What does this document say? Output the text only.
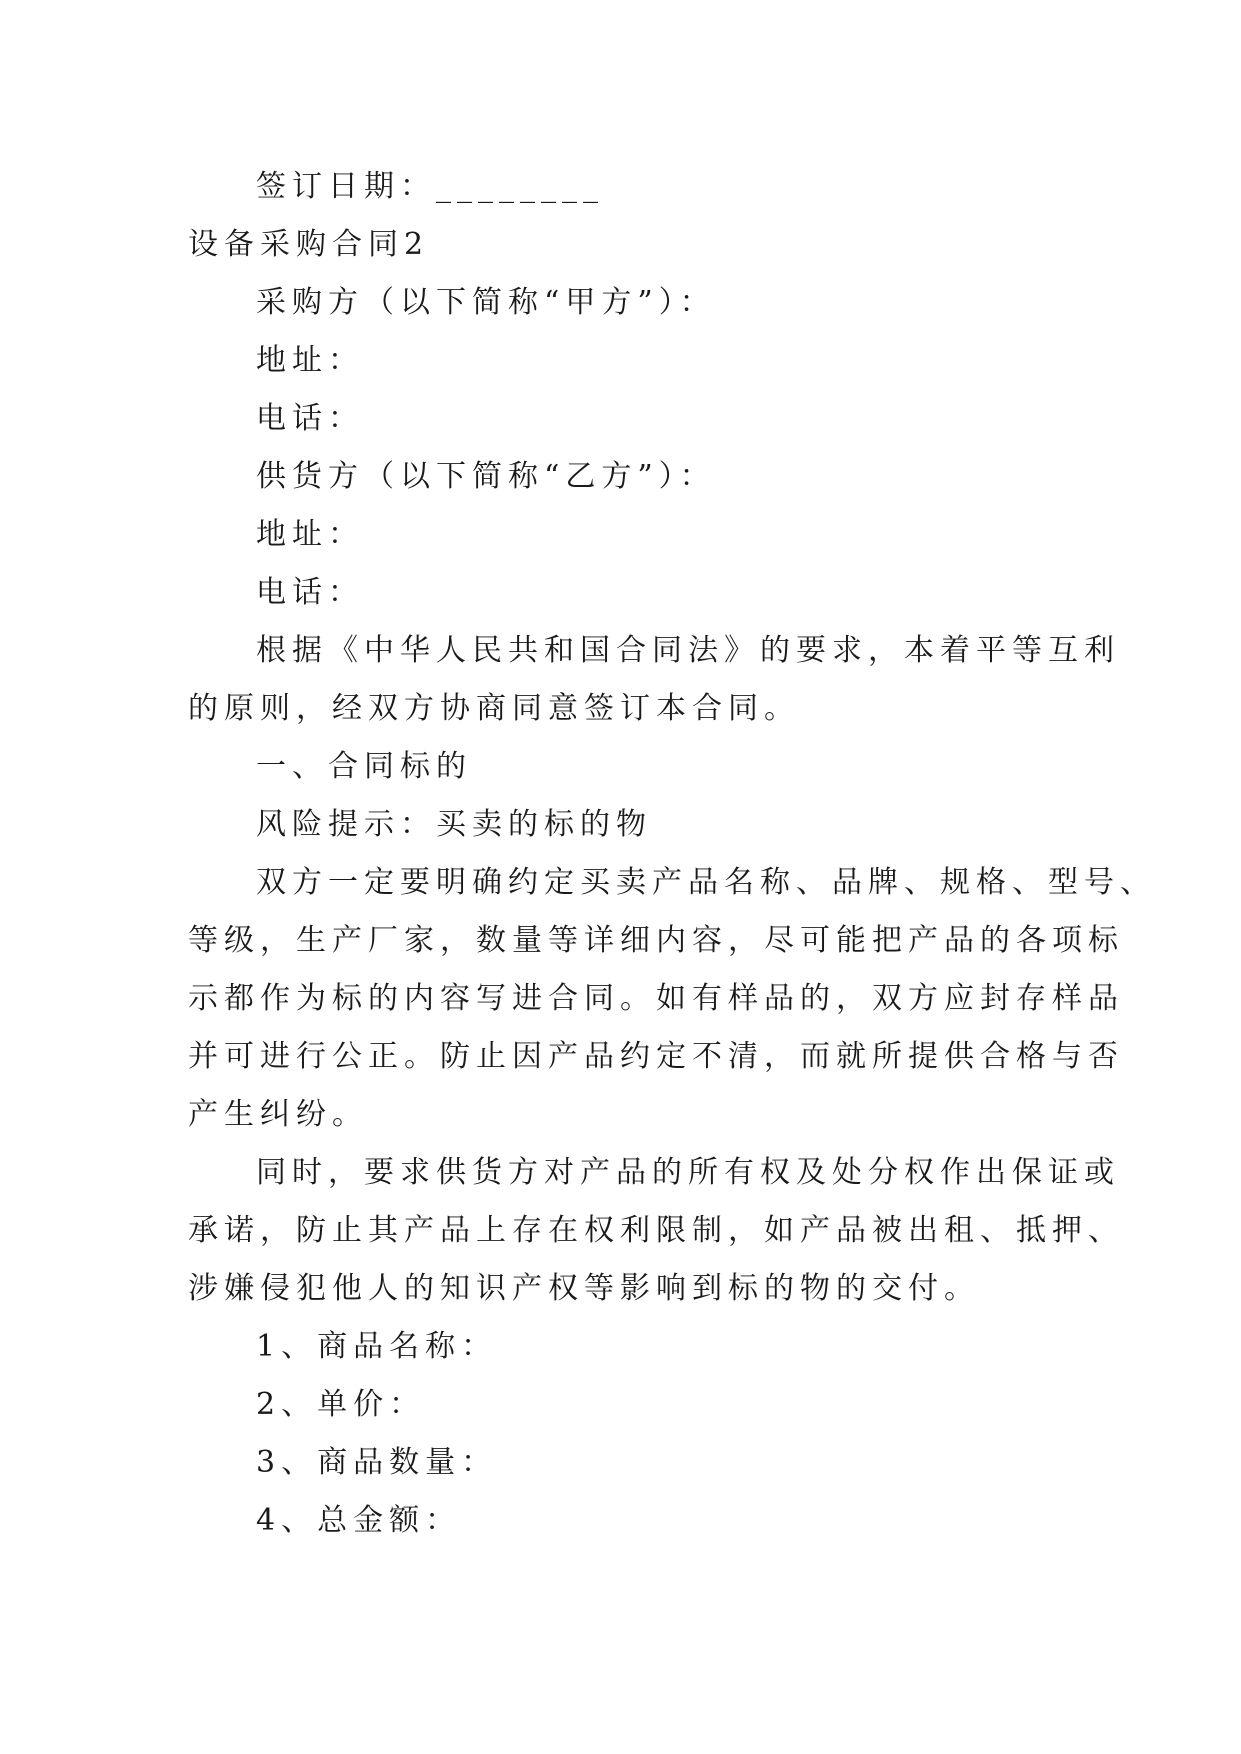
签订日期：________

设备采购合同2

采购方（以下简称“甲方”）：

地址：

电话：

供货方（以下简称“乙方”）：

地址：

电话：

根据《中华人民共和国合同法》的要求，本着平等互利

的原则，经双方协商同意签订本合同。

一、合同标的

风险提示：买卖的标的物

双方一定要明确约定买卖产品名称、品牌、规格、型号、

等级，生产厂家，数量等详细内容，尽可能把产品的各项标

示都作为标的内容写进合同。如有样品的，双方应封存样品

并可进行公正。防止因产品约定不清，而就所提供合格与否

产生纠纷。

同时，要求供货方对产品的所有权及处分权作出保证或

承诺，防止其产品上存在权利限制，如产品被出租、抵押、

涉嫌侵犯他人的知识产权等影响到标的物的交付。

1、商品名称：

2、单价：

3、商品数量：

4、总金额：
